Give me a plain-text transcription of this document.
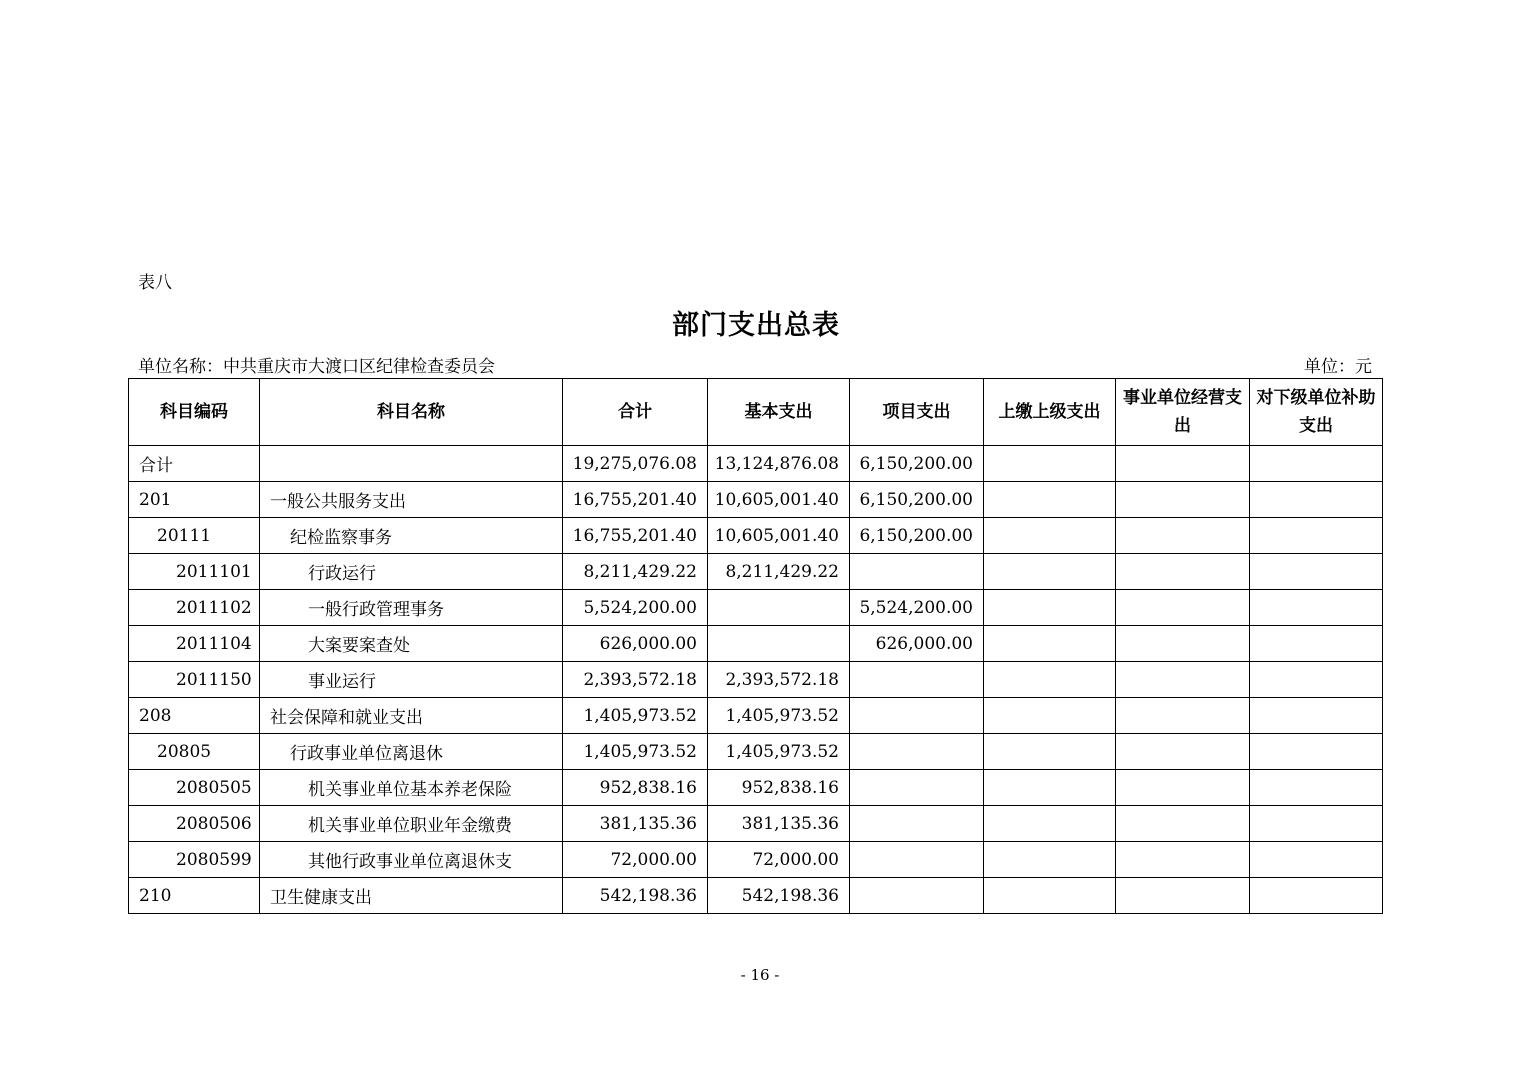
表八
部门支出总表
单位名称：中共重庆市大渡口区纪律检查委员会	单位：元
科目编码	科目名称	合计	基本支出	项目支出	上缴上级支出	事业单位经营支出	对下级单位补助支出
合计		19,275,076.08	13,124,876.08	6,150,200.00			
201	一般公共服务支出	16,755,201.40	10,605,001.40	6,150,200.00			
20111	纪检监察事务	16,755,201.40	10,605,001.40	6,150,200.00			
2011101	行政运行	8,211,429.22	8,211,429.22				
2011102	一般行政管理事务	5,524,200.00		5,524,200.00			
2011104	大案要案查处	626,000.00		626,000.00			
2011150	事业运行	2,393,572.18	2,393,572.18				
208	社会保障和就业支出	1,405,973.52	1,405,973.52				
20805	行政事业单位离退休	1,405,973.52	1,405,973.52				
2080505	机关事业单位基本养老保险	952,838.16	952,838.16				
2080506	机关事业单位职业年金缴费	381,135.36	381,135.36				
2080599	其他行政事业单位离退休支	72,000.00	72,000.00				
210	卫生健康支出	542,198.36	542,198.36				
- 16 -
